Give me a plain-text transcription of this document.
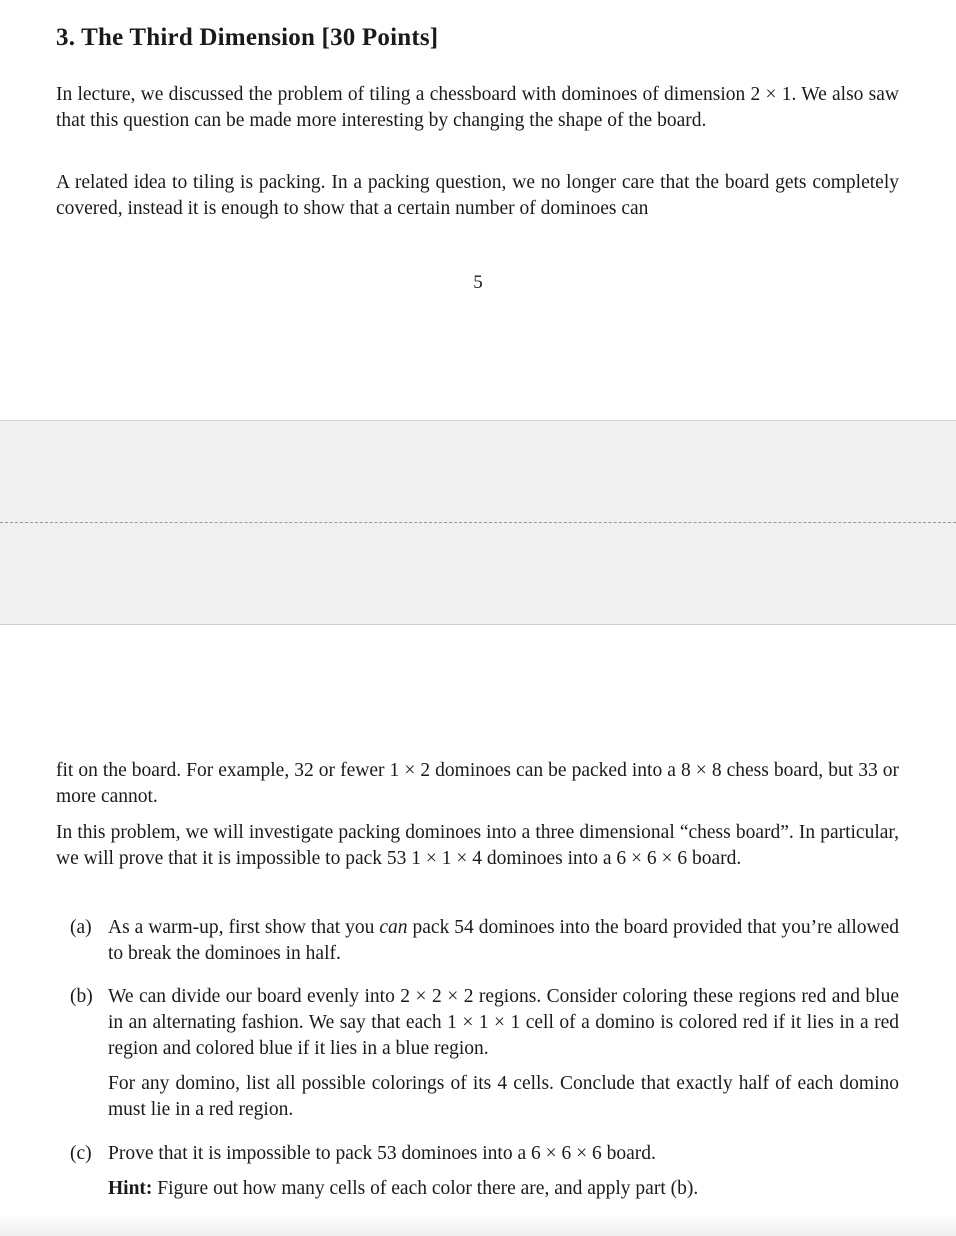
3. The Third Dimension [30 Points]

In lecture, we discussed the problem of tiling a chessboard with dominoes of dimension 2 × 1. We also saw that this question can be made more interesting by changing the shape of the board.

A related idea to tiling is packing. In a packing question, we no longer care that the board gets completely covered, instead it is enough to show that a certain number of dominoes can

5

fit on the board. For example, 32 or fewer 1 × 2 dominoes can be packed into a 8 × 8 chess board, but 33 or more cannot.

In this problem, we will investigate packing dominoes into a three dimensional “chess board”. In particular, we will prove that it is impossible to pack 53 1 × 1 × 4 dominoes into a 6 × 6 × 6 board.

(a) As a warm-up, first show that you can pack 54 dominoes into the board provided that you’re allowed to break the dominoes in half.

(b) We can divide our board evenly into 2 × 2 × 2 regions. Consider coloring these regions red and blue in an alternating fashion. We say that each 1 × 1 × 1 cell of a domino is colored red if it lies in a red region and colored blue if it lies in a blue region.

For any domino, list all possible colorings of its 4 cells. Conclude that exactly half of each domino must lie in a red region.

(c) Prove that it is impossible to pack 53 dominoes into a 6 × 6 × 6 board.

Hint: Figure out how many cells of each color there are, and apply part (b).
